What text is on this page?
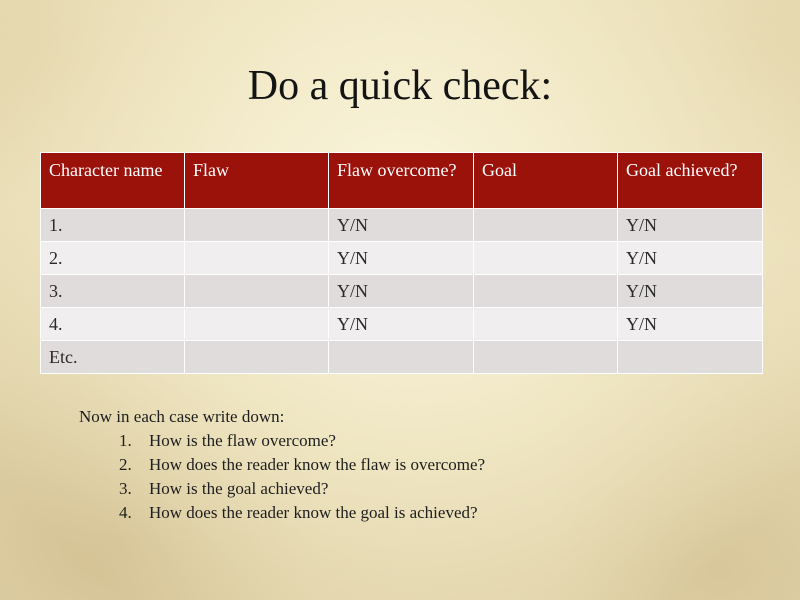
Do a quick check:
Character name	Flaw	Flaw overcome?	Goal	Goal achieved?
1.		Y/N		Y/N
2.		Y/N		Y/N
3.		Y/N		Y/N
4.		Y/N		Y/N
Etc.				
Now in each case write down:
1. How is the flaw overcome?
2. How does the reader know the flaw is overcome?
3. How is the goal achieved?
4. How does the reader know the goal is achieved?
